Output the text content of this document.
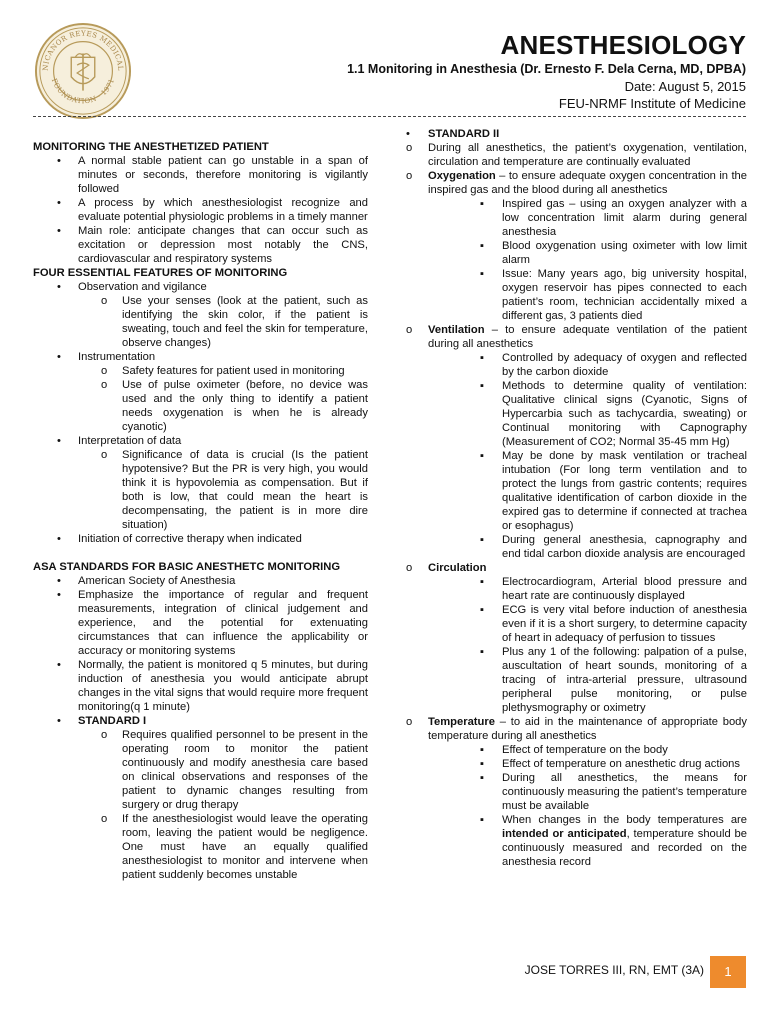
NICANOR REYES MEDICAL
FOUNDATION · 1971
ANESTHESIOLOGY
1.1 Monitoring in Anesthesia (Dr. Ernesto F. Dela Cerna, MD, DPBA)
Date: August 5, 2015
FEU-NRMF Institute of Medicine
MONITORING THE ANESTHETIZED PATIENT
• A normal stable patient can go unstable in a span of minutes or seconds, therefore monitoring is vigilantly followed
• A process by which anesthesiologist recognize and evaluate potential physiologic problems in a timely manner
• Main role: anticipate changes that can occur such as excitation or depression most notably the CNS, cardiovascular and respiratory systems
FOUR ESSENTIAL FEATURES OF MONITORING
• Observation and vigilance
o Use your senses (look at the patient, such as identifying the skin color, if the patient is sweating, touch and feel the skin for temperature, observe changes)
• Instrumentation
o Safety features for patient used in monitoring
o Use of pulse oximeter (before, no device was used and the only thing to identify a patient needs oxygenation is when he is already cyanotic)
• Interpretation of data
o Significance of data is crucial (Is the patient hypotensive? But the PR is very high, you would think it is hypovolemia as compensation. But if both is low, that could mean the heart is decompensating, the patient is in more dire situation)
• Initiation of corrective therapy when indicated
ASA STANDARDS FOR BASIC ANESTHETC MONITORING
• American Society of Anesthesia
• Emphasize the importance of regular and frequent measurements, integration of clinical judgement and experience, and the potential for extenuating circumstances that can influence the applicability or accuracy or monitoring systems
• Normally, the patient is monitored q 5 minutes, but during induction of anesthesia you would anticipate abrupt changes in the vital signs that would require more frequent monitoring(q 1 minute)
• STANDARD I
o Requires qualified personnel to be present in the operating room to monitor the patient continuously and modify anesthesia care based on clinical observations and responses of the patient to dynamic changes resulting from surgery or drug therapy
o If the anesthesiologist would leave the operating room, leaving the patient would be negligence. One must have an equally qualified anesthesiologist to monitor and intervene when patient suddenly becomes unstable
• STANDARD II
o During all anesthetics, the patient’s oxygenation, ventilation, circulation and temperature are continually evaluated
o Oxygenation – to ensure adequate oxygen concentration in the inspired gas and the blood during all anesthetics
▪ Inspired gas – using an oxygen analyzer with a low concentration limit alarm during general anesthesia
▪ Blood oxygenation using oximeter with low limit alarm
▪ Issue: Many years ago, big university hospital, oxygen reservoir has pipes connected to each patient’s room, technician accidentally mixed a different gas, 3 patients died
o Ventilation – to ensure adequate ventilation of the patient during all anesthetics
▪ Controlled by adequacy of oxygen and reflected by the carbon dioxide
▪ Methods to determine quality of ventilation: Qualitative clinical signs (Cyanotic, Signs of Hypercarbia such as tachycardia, sweating) or Continual monitoring with Capnography (Measurement of CO2; Normal 35-45 mm Hg)
▪ May be done by mask ventilation or tracheal intubation (For long term ventilation and to protect the lungs from gastric contents; requires qualitative identification of carbon dioxide in the expired gas to determine if connected at trachea or esophagus)
▪ During general anesthesia, capnography and end tidal carbon dioxide analysis are encouraged
o Circulation
▪ Electrocardiogram, Arterial blood pressure and heart rate are continuously displayed
▪ ECG is very vital before induction of anesthesia even if it is a short surgery, to determine capacity of heart in adequacy of perfusion to tissues
▪ Plus any 1 of the following: palpation of a pulse, auscultation of heart sounds, monitoring of a tracing of intra-arterial pressure, ultrasound peripheral pulse monitoring, or pulse plethysmography or oximetry
o Temperature – to aid in the maintenance of appropriate body temperature during all anesthetics
▪ Effect of temperature on the body
▪ Effect of temperature on anesthetic drug actions
▪ During all anesthetics, the means for continuously measuring the patient’s temperature must be available
▪ When changes in the body temperatures are intended or anticipated, temperature should be continuously measured and recorded on the anesthesia record
JOSE TORRES III, RN, EMT (3A)	1
